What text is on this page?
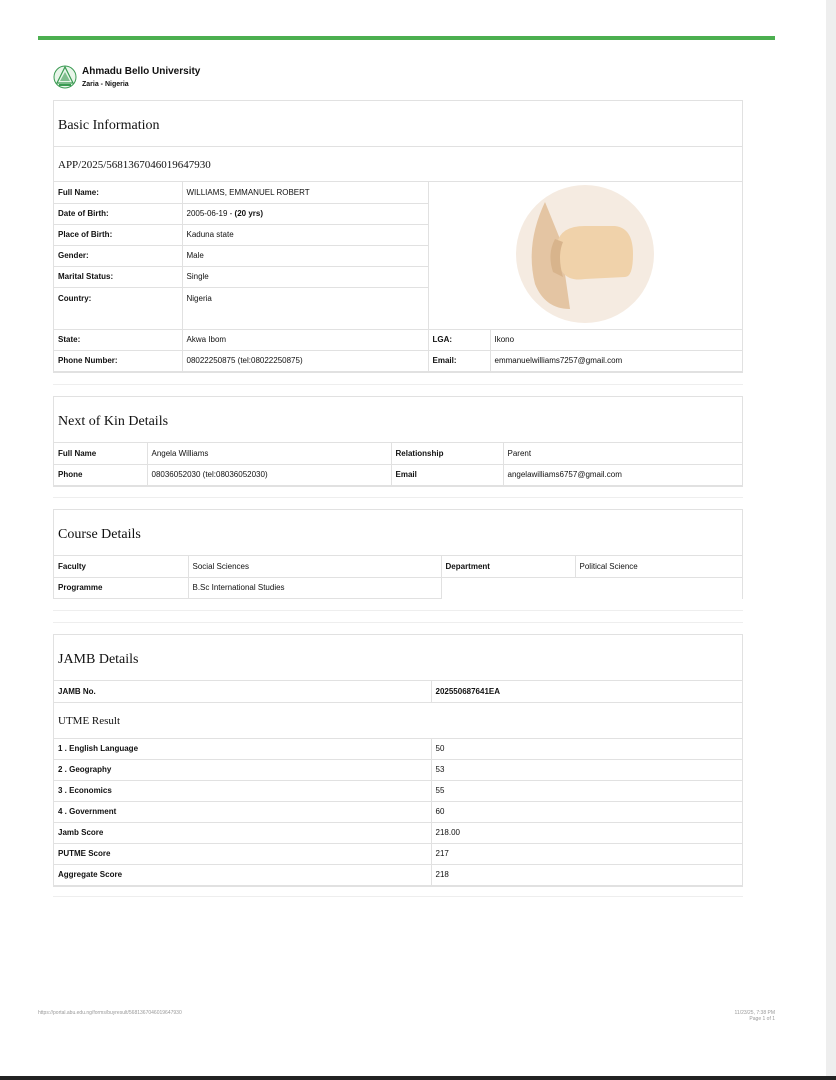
Ahmadu Bello University
Zaria - Nigeria
Basic Information
APP/2025/5681367046019647930
Full Name:	WILLIAMS, EMMANUEL ROBERT	
Date of Birth:	2005-06-19 - (20 yrs)		
Place of Birth:	Kaduna state		
Gender:	Male		
Marital Status:	Single		
Country:	Nigeria		
State:	Akwa Ibom	LGA:	Ikono
Phone Number:	08022250875 (tel:08022250875)	Email:	emmanuelwilliams7257@gmail.com
Next of Kin Details
Full Name	Angela Williams	Relationship	Parent
Phone	08036052030 (tel:08036052030)	Email	angelawilliams6757@gmail.com
Course Details
Faculty	Social Sciences	Department	Political Science
Programme	B.Sc International Studies		
JAMB Details
JAMB No.	202550687641EA
UTME Result
1 . English Language	50
2 . Geography	53
3 . Economics	55
4 . Government	60
Jamb Score	218.00
PUTME Score	217
Aggregate Score	218
https://portal.abu.edu.ng/forms/buyresult/5681367046019647930	11/23/25, 7:38 PM
Page 1 of 1
